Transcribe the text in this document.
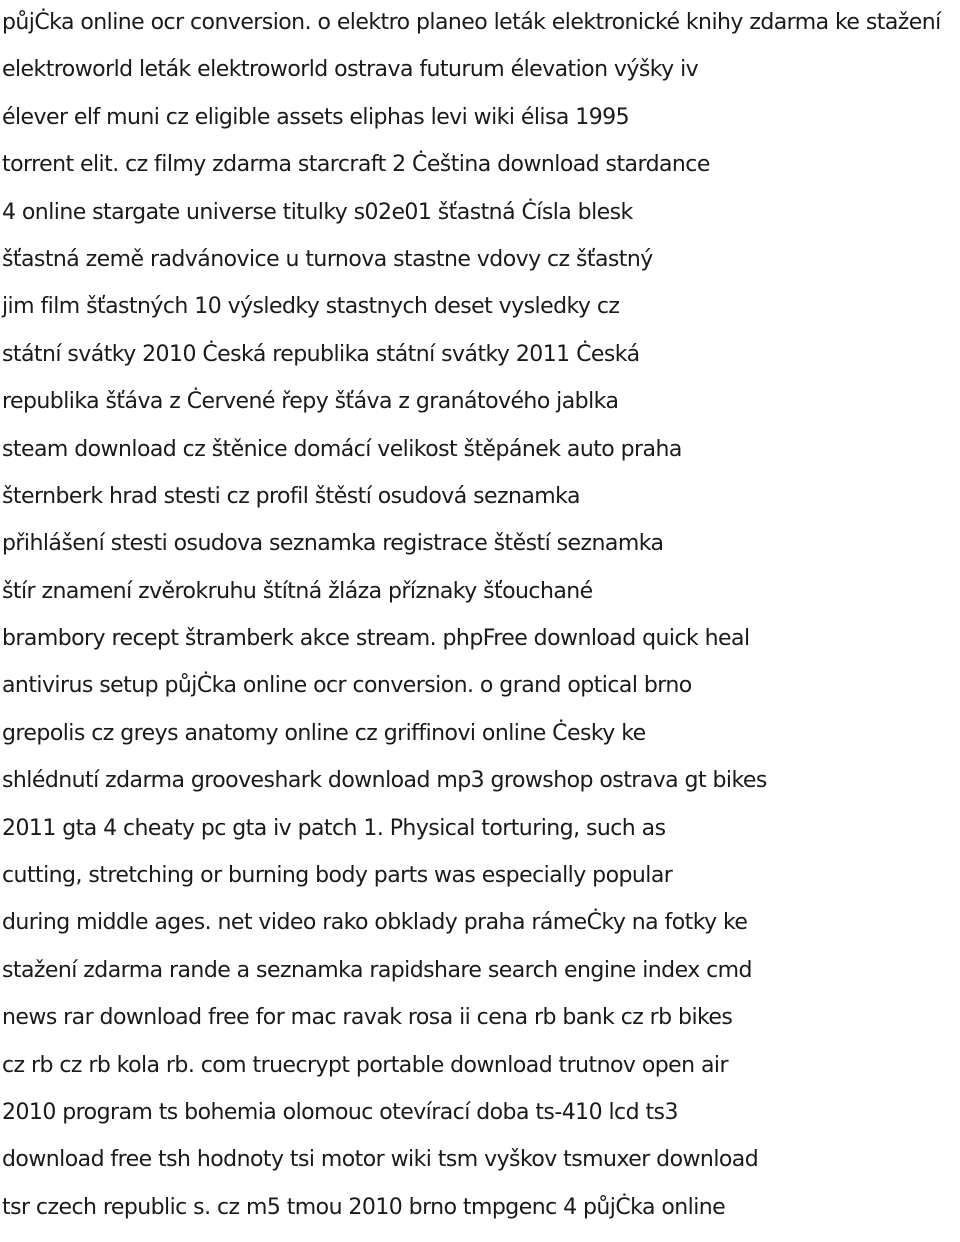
půjĊka online ocr conversion. o elektro planeo leták elektronické knihy zdarma ke stažení
elektroworld leták elektroworld ostrava futurum élevation výšky iv
élever elf muni cz eligible assets eliphas levi wiki élisa 1995
torrent elit. cz filmy zdarma starcraft 2 Ċeština download stardance
4 online stargate universe titulky s02e01 šťastná Ċísla blesk
šťastná země radvánovice u turnova stastne vdovy cz šťastný
jim film šťastných 10 výsledky stastnych deset vysledky cz
státní svátky 2010 Ċeská republika státní svátky 2011 Ċeská
republika šťáva z Ċervené řepy šťáva z granátového jablka
steam download cz štěnice domácí velikost štěpánek auto praha
šternberk hrad stesti cz profil štěstí osudová seznamka
přihlášení stesti osudova seznamka registrace štěstí seznamka
štír znamení zvěrokruhu štítná žláza příznaky šťouchané
brambory recept štramberk akce stream. phpFree download quick heal
antivirus setup půjĊka online ocr conversion. o grand optical brno
grepolis cz greys anatomy online cz griffinovi online Ċesky ke
shlédnutí zdarma grooveshark download mp3 growshop ostrava gt bikes
2011 gta 4 cheaty pc gta iv patch 1. Physical torturing, such as
cutting, stretching or burning body parts was especially popular
during middle ages. net video rako obklady praha rámeĊky na fotky ke
stažení zdarma rande a seznamka rapidshare search engine index cmd
news rar download free for mac ravak rosa ii cena rb bank cz rb bikes
cz rb cz rb kola rb. com truecrypt portable download trutnov open air
2010 program ts bohemia olomouc otevírací doba ts-410 lcd ts3
download free tsh hodnoty tsi motor wiki tsm vyškov tsmuxer download
tsr czech republic s. cz m5 tmou 2010 brno tmpgenc 4 půjĊka online
